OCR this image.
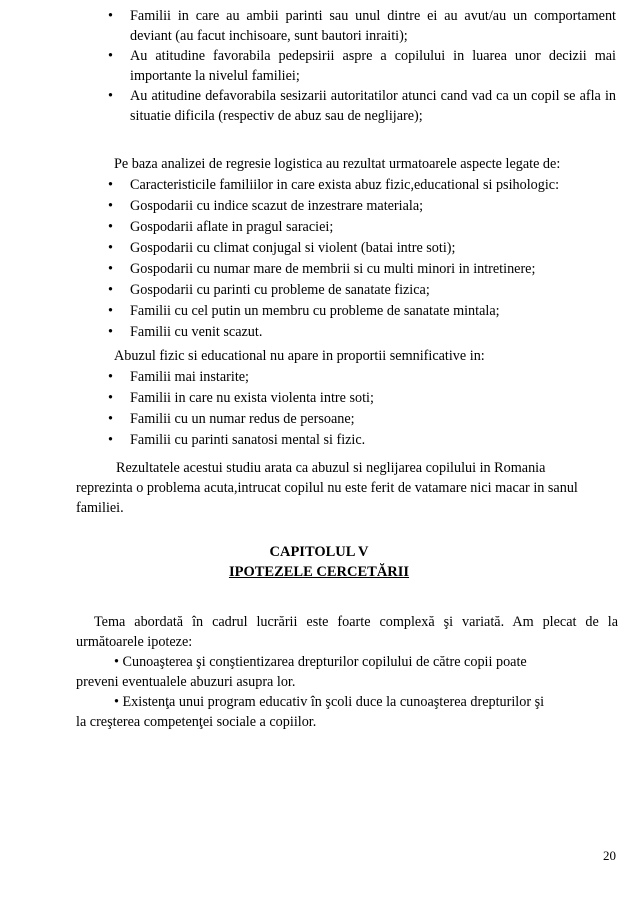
• Familii in care au ambii parinti sau unul dintre ei au avut/au un comportament deviant (au facut inchisoare, sunt bautori inraiti);
• Au atitudine favorabila pedepsirii aspre a copilului in luarea unor decizii mai importante la nivelul familiei;
• Au atitudine defavorabila sesizarii autoritatilor atunci cand vad ca un copil se afla in situatie dificila (respectiv de abuz sau de neglijare);

Pe baza analizei de regresie logistica au rezultat urmatoarele aspecte legate de:

• Caracteristicile familiilor in care exista abuz fizic,educational si psihologic:
• Gospodarii cu indice scazut de inzestrare materiala;
• Gospodarii aflate in pragul saraciei;
• Gospodarii cu climat conjugal si violent (batai intre soti);
• Gospodarii cu numar mare de membrii si cu multi minori in intretinere;
• Gospodarii cu parinti cu probleme de sanatate fizica;
• Familii cu cel putin un membru cu probleme de sanatate mintala;
• Familii cu venit scazut.

Abuzul fizic si educational nu apare in proportii semnificative in:

• Familii mai instarite;
• Familii in care nu exista violenta intre soti;
• Familii cu un numar redus de persoane;
• Familii cu parinti sanatosi mental si fizic.

Rezultatele acestui studiu arata ca abuzul si neglijarea copilului in Romania

reprezinta o problema acuta,intrucat copilul nu este ferit de vatamare nici macar in sanul

familiei.

CAPITOLUL V
IPOTEZELE CERCETĂRII

Tema abordată în cadrul lucrării este foarte complexă şi variată. Am plecat de la

următoarele ipoteze:

• Cunoaşterea şi conştientizarea drepturilor copilului de către copii poate

preveni eventualele abuzuri asupra lor.

• Existenţa unui program educativ în şcoli duce la cunoaşterea drepturilor şi

la creşterea competenţei sociale a copiilor.

20
